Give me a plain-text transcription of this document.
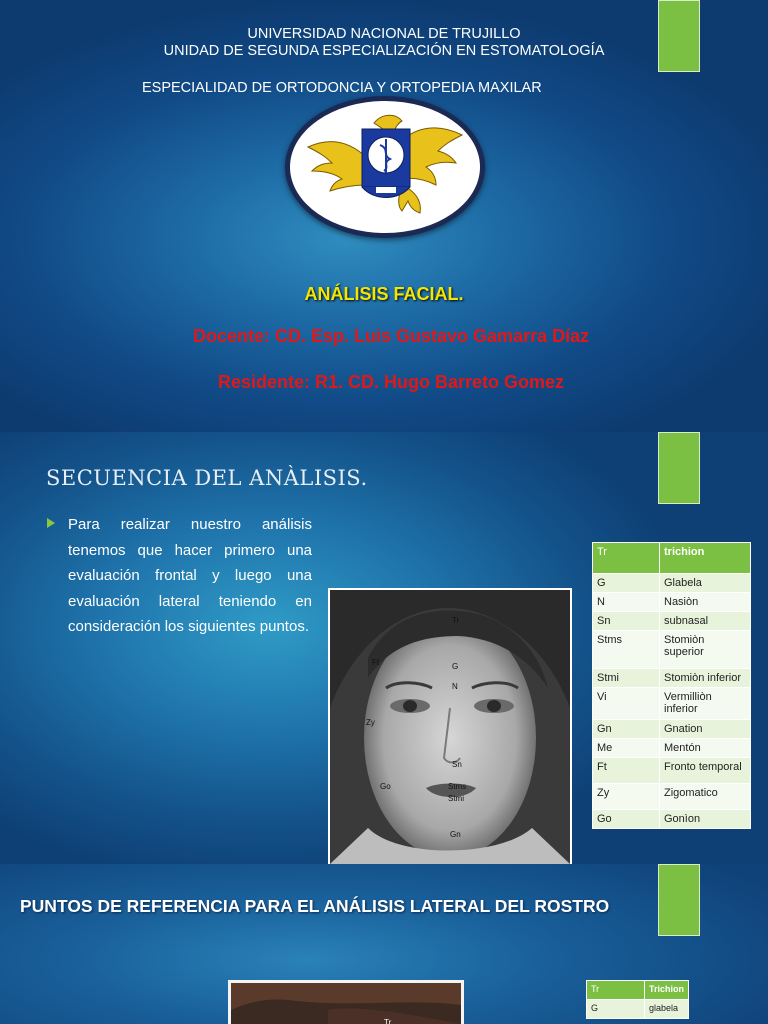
UNIVERSIDAD NACIONAL DE TRUJILLO
UNIDAD DE SEGUNDA ESPECIALIZACIÓN EN ESTOMATOLOGÍA
ESPECIALIDAD DE ORTODONCIA Y ORTOPEDIA MAXILAR
ANÁLISIS FACIAL.
Docente: CD. Esp. Luis Gustavo Gamarra Díaz
Residente: R1. CD. Hugo Barreto Gomez
SECUENCIA DEL ANÀLISIS.
Para realizar nuestro análisis tenemos que hacer primero una evaluación frontal y luego una evaluación lateral teniendo en consideración los siguientes puntos.	Tr
Ft	G
N
Zy
Sn
Go	Stms
Stmi
Gn
Tr	trichion
G	Glabela
N	Nasiòn
Sn	subnasal
Stms	Stomiòn superior
Stmi	Stomiòn inferior
Vi	Vermilliòn inferior
Gn	Gnation
Me	Mentón
Ft	Fronto temporal
Zy	Zigomatico
Go	Gonìon
PUNTOS DE REFERENCIA PARA EL ANÁLISIS LATERAL DEL ROSTRO
Tr
Tr	Trichion
G	glabela
